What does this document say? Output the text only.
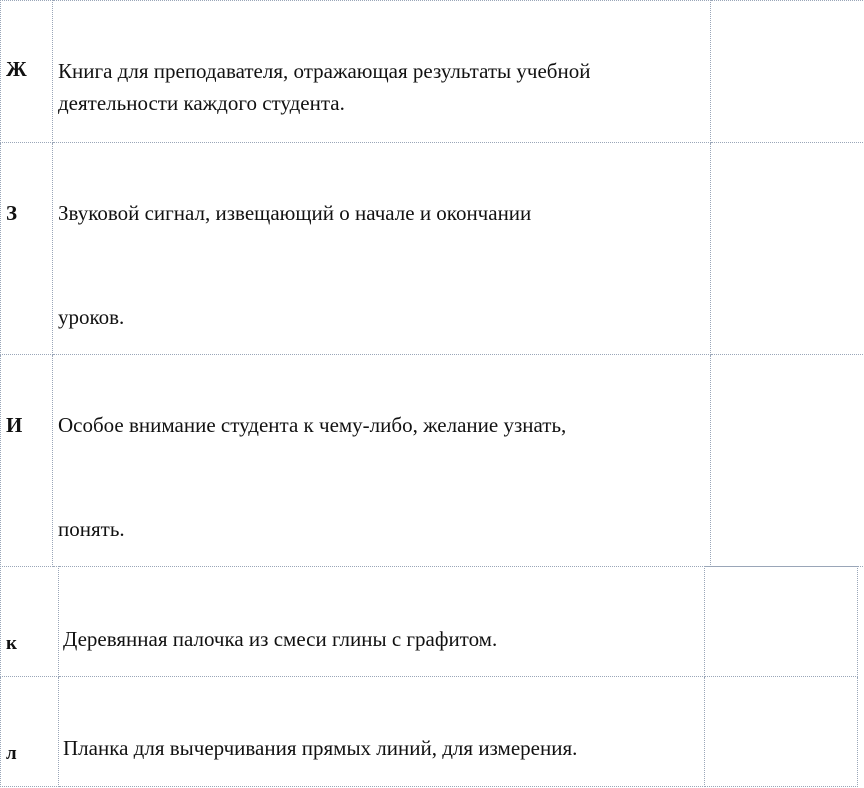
Ж	Книга для преподавателя, отражающая результаты учебной

деятельности каждого студента.	

З	Звуковой сигнал, извещающий о начале и окончании

уроков.	

И	Особое внимание студента к чему-либо, желание узнать,

понять.	

к	Деревянная палочка из смеси глины с графитом.	

л	Планка для вычерчивания прямых линий, для измерения.	
